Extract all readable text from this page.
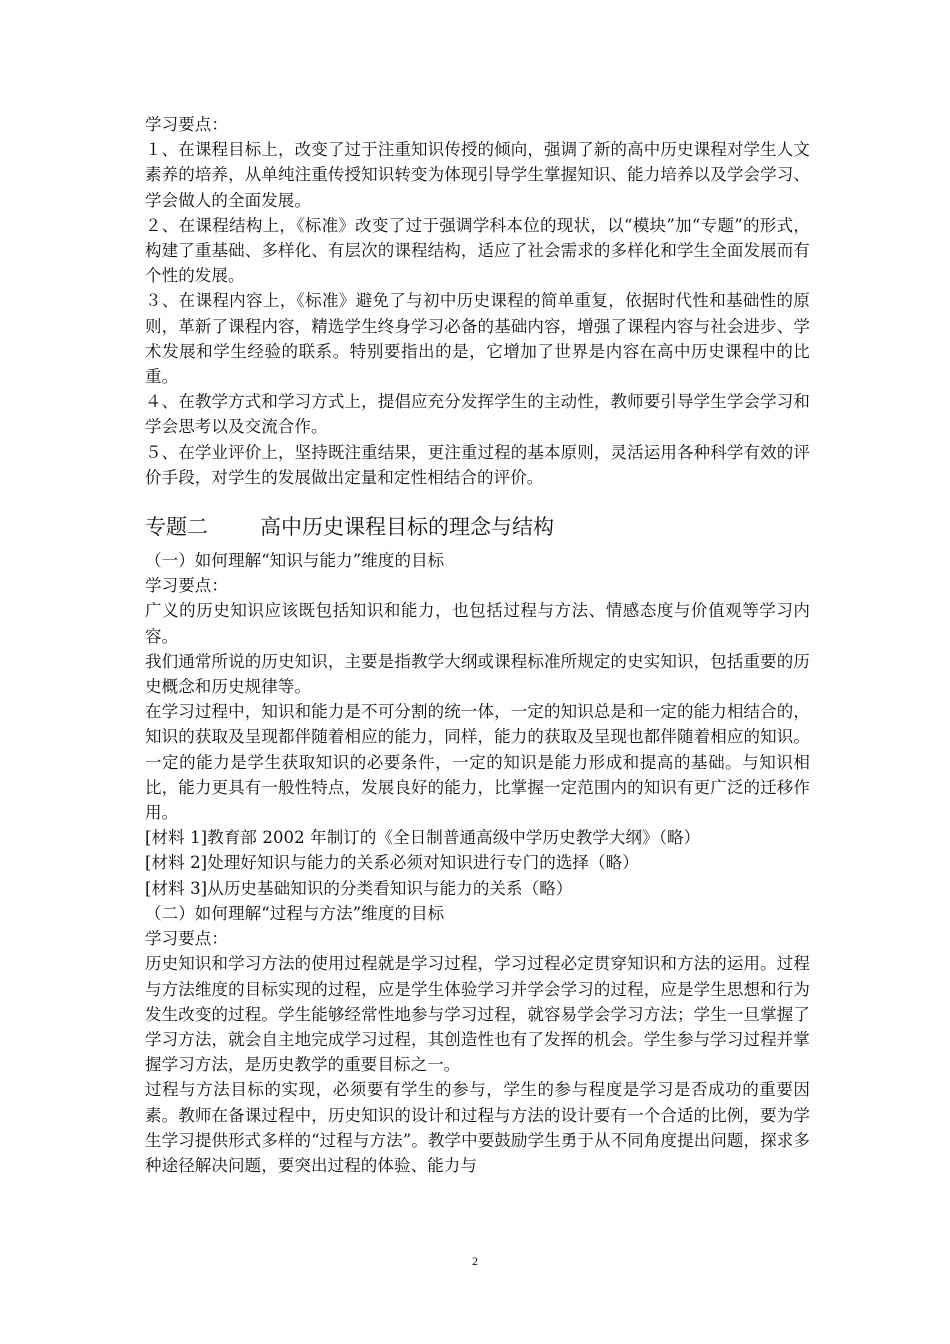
学习要点：

１、在课程目标上，改变了过于注重知识传授的倾向，强调了新的高中历史课程对学生人文素养的培养，从单纯注重传授知识转变为体现引导学生掌握知识、能力培养以及学会学习、学会做人的全面发展。

２、在课程结构上，《标准》改变了过于强调学科本位的现状，以“模块”加“专题”的形式，构建了重基础、多样化、有层次的课程结构，适应了社会需求的多样化和学生全面发展而有个性的发展。

３、在课程内容上，《标准》避免了与初中历史课程的简单重复，依据时代性和基础性的原则，革新了课程内容，精选学生终身学习必备的基础内容，增强了课程内容与社会进步、学术发展和学生经验的联系。特别要指出的是，它增加了世界是内容在高中历史课程中的比重。

４、在教学方式和学习方式上，提倡应充分发挥学生的主动性，教师要引导学生学会学习和学会思考以及交流合作。

５、在学业评价上，坚持既注重结果，更注重过程的基本原则，灵活运用各种科学有效的评价手段，对学生的发展做出定量和定性相结合的评价。

专题二 高中历史课程目标的理念与结构

（一）如何理解“知识与能力”维度的目标

学习要点：

广义的历史知识应该既包括知识和能力，也包括过程与方法、情感态度与价值观等学习内容。

我们通常所说的历史知识，主要是指教学大纲或课程标准所规定的史实知识，包括重要的历史概念和历史规律等。

在学习过程中，知识和能力是不可分割的统一体，一定的知识总是和一定的能力相结合的，知识的获取及呈现都伴随着相应的能力，同样，能力的获取及呈现也都伴随着相应的知识。一定的能力是学生获取知识的必要条件，一定的知识是能力形成和提高的基础。与知识相比，能力更具有一般性特点，发展良好的能力，比掌握一定范围内的知识有更广泛的迁移作用。

[材料 1]教育部 2002 年制订的《全日制普通高级中学历史教学大纲》（略）

[材料 2]处理好知识与能力的关系必须对知识进行专门的选择（略）

[材料 3]从历史基础知识的分类看知识与能力的关系（略）

（二）如何理解“过程与方法”维度的目标

学习要点：

历史知识和学习方法的使用过程就是学习过程，学习过程必定贯穿知识和方法的运用。过程与方法维度的目标实现的过程，应是学生体验学习并学会学习的过程，应是学生思想和行为发生改变的过程。学生能够经常性地参与学习过程，就容易学会学习方法；学生一旦掌握了学习方法，就会自主地完成学习过程，其创造性也有了发挥的机会。学生参与学习过程并掌握学习方法，是历史教学的重要目标之一。

过程与方法目标的实现，必须要有学生的参与，学生的参与程度是学习是否成功的重要因素。教师在备课过程中，历史知识的设计和过程与方法的设计要有一个合适的比例，要为学生学习提供形式多样的“过程与方法”。教学中要鼓励学生勇于从不同角度提出问题，探求多种途径解决问题，要突出过程的体验、能力与

2
